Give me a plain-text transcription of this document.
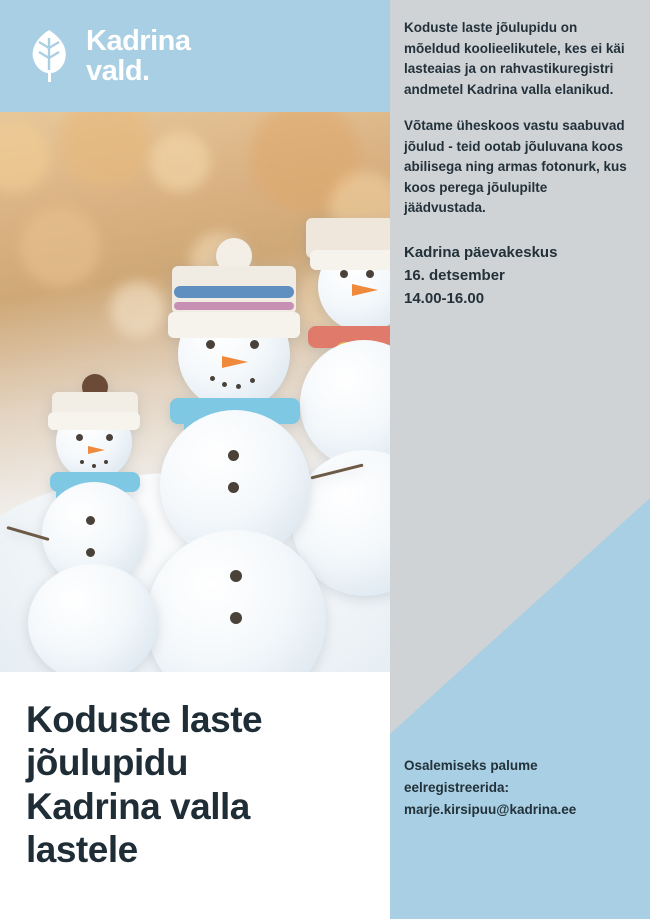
Kadrina
vald.

Koduste laste jõulupidu on mõeldud koolieelikutele, kes ei käi lasteaias ja on rahvastikuregistri andmetel Kadrina valla elanikud.

Võtame üheskoos vastu saabuvad jõulud - teid ootab jõuluvana koos abilisega ning armas fotonurk, kus koos perega jõulupilte jäädvustada.

Kadrina päevakeskus
16. detsember
14.00-16.00
Osalemiseks palume
eelregistreerida:
marje.kirsipuu@kadrina.ee
Koduste laste
jõulupidu
Kadrina valla
lastele
